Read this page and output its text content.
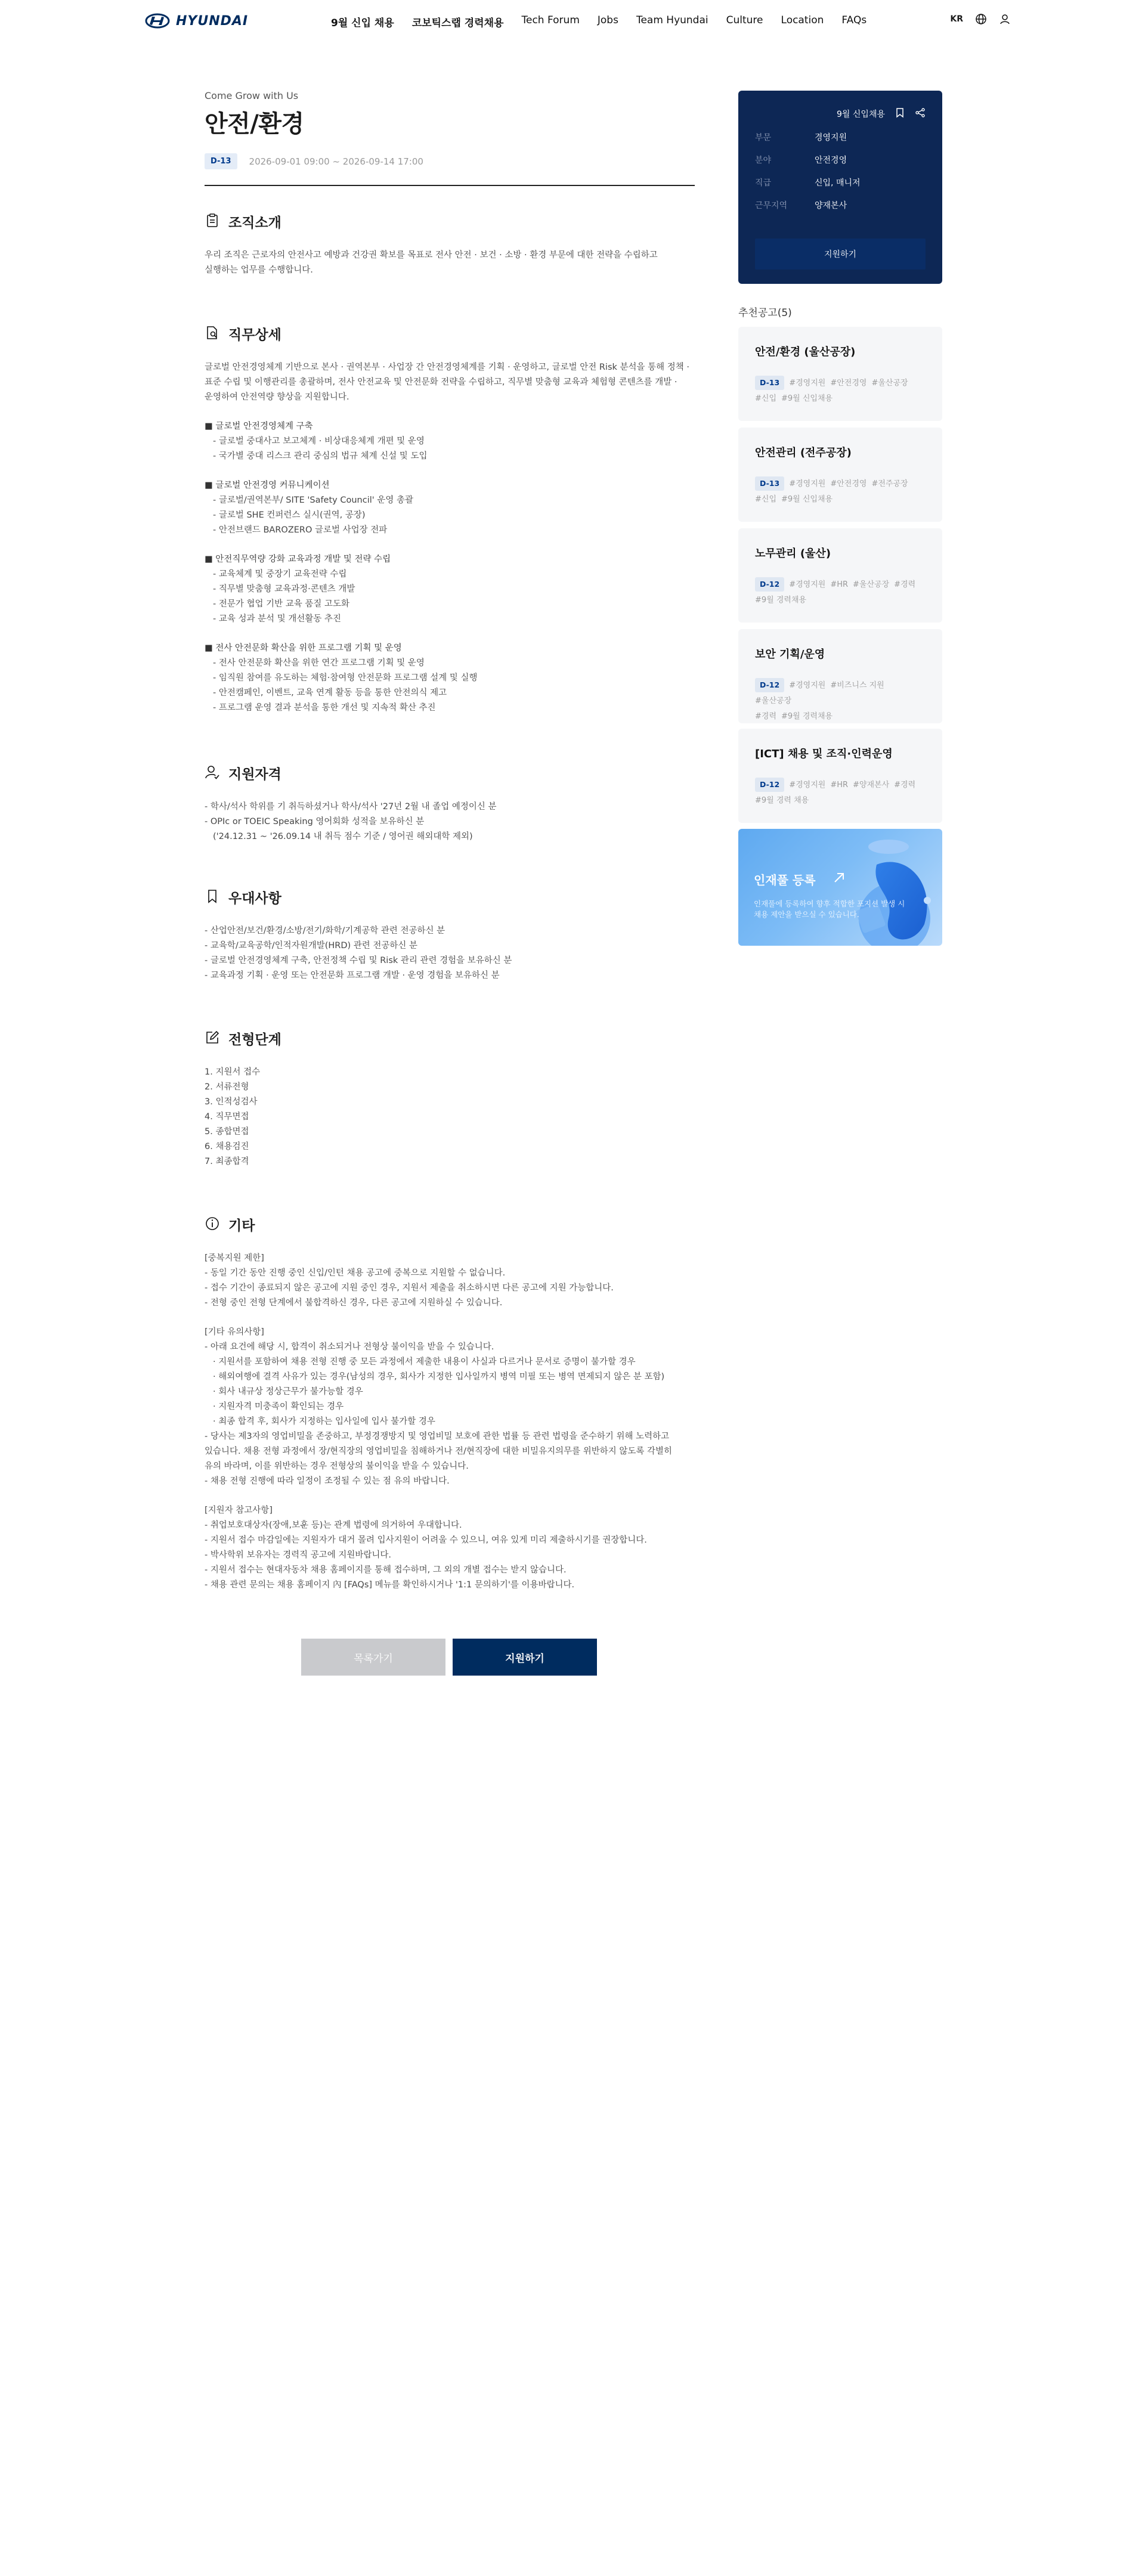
HYUNDAI	9월 신입 채용 코보틱스랩 경력채용 Tech Forum Jobs Team Hyundai Culture Location FAQs	KR
Come Grow with Us
안전/환경
D-13	2026-09-01 09:00 ~ 2026-09-14 17:00
조직소개

우리 조직은 근로자의 안전사고 예방과 건강권 확보를 목표로 전사 안전 · 보건 · 소방 · 환경 부문에 대한 전략을 수립하고

실행하는 업무를 수행합니다.

직무상세

글로벌 안전경영체계 기반으로 본사 · 권역본부 · 사업장 간 안전경영체계를 기획 · 운영하고, 글로벌 안전 Risk 분석을 통해 정책 ·

표준 수립 및 이행관리를 총괄하며, 전사 안전교육 및 안전문화 전략을 수립하고, 직무별 맞춤형 교육과 체험형 콘텐츠를 개발 ·

운영하여 안전역량 향상을 지원합니다.

■ 글로벌 안전경영체계 구축

- 글로벌 중대사고 보고체계 · 비상대응체계 개편 및 운영

- 국가별 중대 리스크 관리 중심의 법규 체계 신설 및 도입

■ 글로벌 안전경영 커뮤니케이션

- 글로벌/권역본부/ SITE 'Safety Council' 운영 총괄

- 글로벌 SHE 컨퍼런스 실시(권역, 공장)

- 안전브랜드 BAROZERO 글로벌 사업장 전파

■ 안전직무역량 강화 교육과정 개발 및 전략 수립

- 교육체계 및 중장기 교육전략 수립

- 직무별 맞춤형 교육과정·콘텐츠 개발

- 전문가 협업 기반 교육 품질 고도화

- 교육 성과 분석 및 개선활동 추진

■ 전사 안전문화 확산을 위한 프로그램 기획 및 운영

- 전사 안전문화 확산을 위한 연간 프로그램 기획 및 운영

- 임직원 참여를 유도하는 체험·참여형 안전문화 프로그램 설계 및 실행

- 안전캠페인, 이벤트, 교육 연계 활동 등을 통한 안전의식 제고

- 프로그램 운영 결과 분석을 통한 개선 및 지속적 확산 추진

지원자격

- 학사/석사 학위를 기 취득하셨거나 학사/석사 '27년 2월 내 졸업 예정이신 분

- OPIc or TOEIC Speaking 영어회화 성적을 보유하신 분

('24.12.31 ~ '26.09.14 내 취득 점수 기준 / 영어권 해외대학 제외)

우대사항

- 산업안전/보건/환경/소방/전기/화학/기계공학 관련 전공하신 분

- 교육학/교육공학/인적자원개발(HRD) 관련 전공하신 분

- 글로벌 안전경영체계 구축, 안전정책 수립 및 Risk 관리 관련 경험을 보유하신 분

- 교육과정 기획 · 운영 또는 안전문화 프로그램 개발 · 운영 경험을 보유하신 분

전형단계

1. 지원서 접수

2. 서류전형

3. 인적성검사

4. 직무면접

5. 종합면접

6. 채용검진

7. 최종합격

기타

[중복지원 제한]

- 동일 기간 동안 진행 중인 신입/인턴 채용 공고에 중복으로 지원할 수 없습니다.

- 접수 기간이 종료되지 않은 공고에 지원 중인 경우, 지원서 제출을 취소하시면 다른 공고에 지원 가능합니다.

- 전형 중인 전형 단계에서 불합격하신 경우, 다른 공고에 지원하실 수 있습니다.

[기타 유의사항]

- 아래 요건에 해당 시, 합격이 취소되거나 전형상 불이익을 받을 수 있습니다.

· 지원서를 포함하여 채용 전형 진행 중 모든 과정에서 제출한 내용이 사실과 다르거나 문서로 증명이 불가할 경우

· 해외여행에 결격 사유가 있는 경우(남성의 경우, 회사가 지정한 입사일까지 병역 미필 또는 병역 면제되지 않은 분 포함)

· 회사 내규상 정상근무가 불가능할 경우

· 지원자격 미충족이 확인되는 경우

· 최종 합격 후, 회사가 지정하는 입사일에 입사 불가할 경우

- 당사는 제3자의 영업비밀을 존중하고, 부정경쟁방지 및 영업비밀 보호에 관한 법률 등 관련 법령을 준수하기 위해 노력하고

있습니다. 채용 전형 과정에서 장/현직장의 영업비밀을 침해하거나 전/현직장에 대한 비밀유지의무를 위반하지 않도록 각별히

유의 바라며, 이를 위반하는 경우 전형상의 불이익을 받을 수 있습니다.

- 채용 전형 진행에 따라 일정이 조정될 수 있는 점 유의 바랍니다.

[지원자 참고사항]

- 취업보호대상자(장애,보훈 등)는 관계 법령에 의거하여 우대합니다.

- 지원서 접수 마감일에는 지원자가 대거 몰려 입사지원이 어려울 수 있으니, 여유 있게 미리 제출하시기를 권장합니다.

- 박사학위 보유자는 경력직 공고에 지원바랍니다.

- 지원서 접수는 현대자동차 채용 홈페이지를 통해 접수하며, 그 외의 개별 접수는 받지 않습니다.

- 채용 관련 문의는 채용 홈페이지 內 [FAQs] 메뉴를 확인하시거나 '1:1 문의하기'를 이용바랍니다.

목록가기	지원하기
9월 신입채용
부문	경영지원
분야	안전경영
직급	신입, 매니저
근무지역	양재본사
지원하기
추천공고(5)
안전/환경 (울산공장)
D-13 #경영지원 #안전경영 #울산공장
#신입 #9월 신입채용
안전관리 (전주공장)
D-13 #경영지원 #안전경영 #전주공장
#신입 #9월 신입채용
노무관리 (울산)
D-12 #경영지원 #HR #울산공장 #경력
#9월 경력채용
보안 기획/운영
D-12 #경영지원 #비즈니스 지원#울산공장
#경력 #9월 경력채용
[ICT] 채용 및 조직·인력운영
D-12 #경영지원 #HR #양재본사 #경력
#9월 경력 채용
인재풀 등록

인재풀에 등록하여 향후 적합한 포지션 발생 시

채용 제안을 받으실 수 있습니다.
